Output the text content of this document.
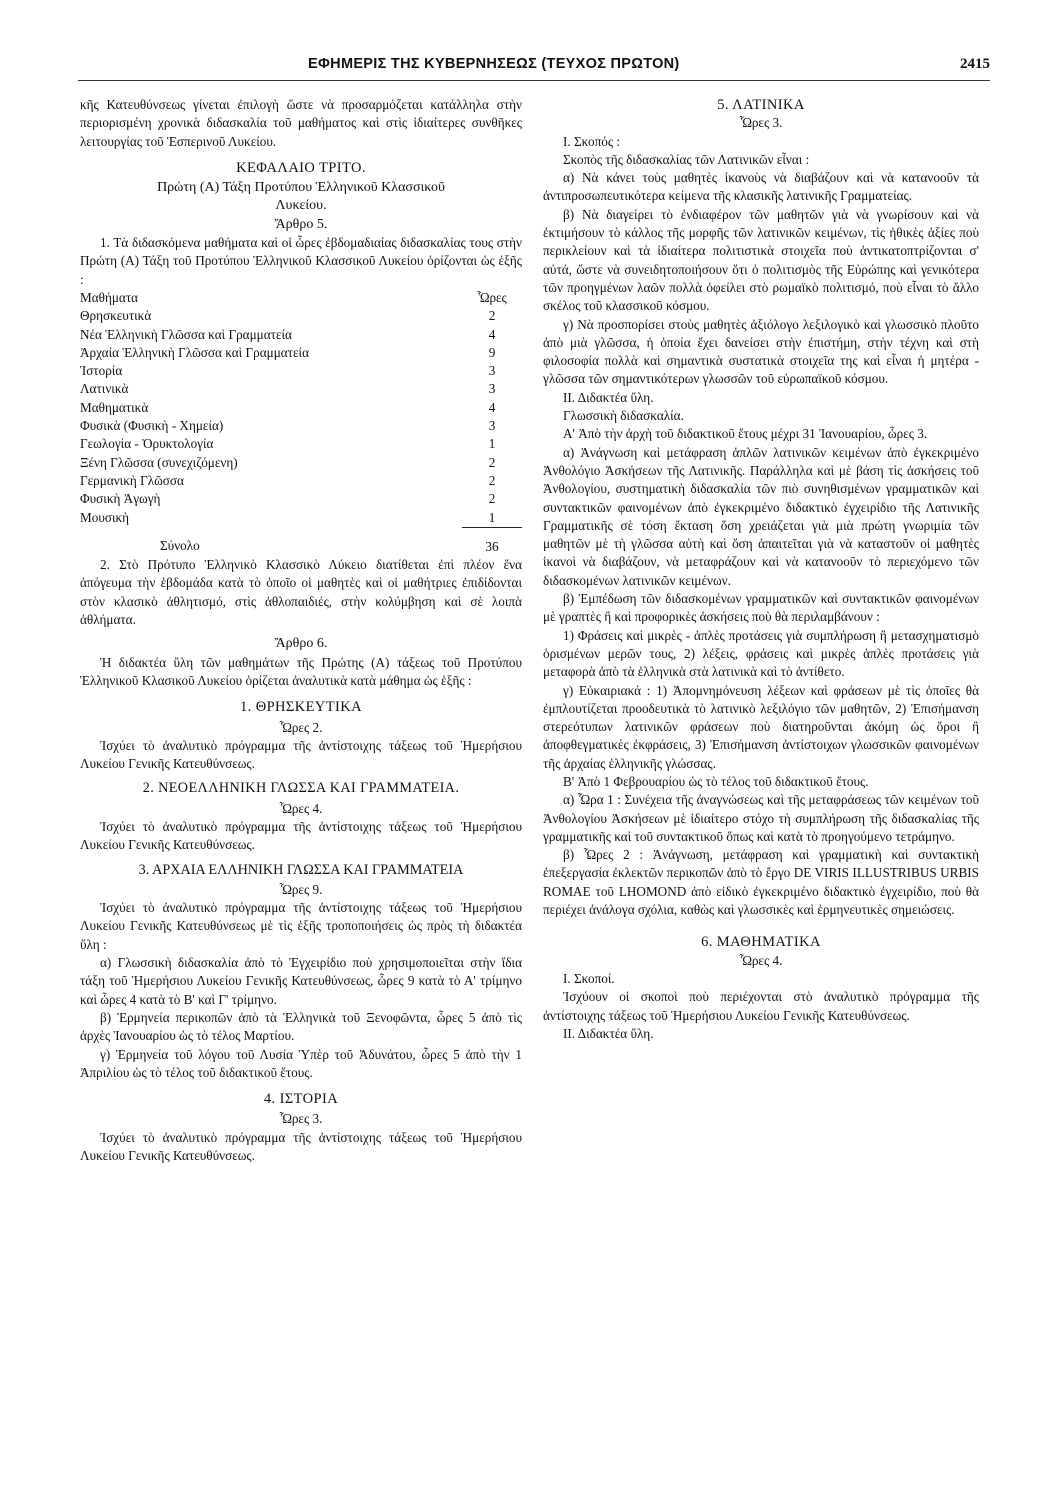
ΕΦΗΜΕΡΙΣ ΤΗΣ ΚΥΒΕΡΝΗΣΕΩΣ (ΤΕΥΧΟΣ ΠΡΩΤΟΝ)	2415

κῆς Κατευθύνσεως γίνεται ἐπιλογὴ ὥστε νὰ προσαρμόζεται κατάλληλα στὴν περιορισμένη χρονικὰ διδασκαλία τοῦ μαθήματος καὶ στὶς ἰδιαίτερες συνθῆκες λειτουργίας τοῦ Ἑσπερινοῦ Λυκείου.

ΚΕΦΑΛΑΙΟ ΤΡΙΤΟ.

Πρώτη (Α) Τάξη Προτύπου Ἑλληνικοῦ Κλασσικοῦ

Λυκείου.

Ἄρθρο 5.

1. Τὰ διδασκόμενα μαθήματα καὶ οἱ ὧρες ἑβδομαδιαίας διδασκαλίας τους στὴν Πρώτη (Α) Τάξη τοῦ Προτύπου Ἑλληνικοῦ Κλασσικοῦ Λυκείου ὁρίζονται ὡς ἑξῆς :

Μαθήματα	Ὧρες
Θρησκευτικὰ	2
Νέα Ἑλληνικὴ Γλῶσσα καὶ Γραμματεία	4
Ἀρχαία Ἑλληνικὴ Γλῶσσα καὶ Γραμματεία	9
Ἱστορία	3
Λατινικὰ	3
Μαθηματικὰ	4
Φυσικὰ (Φυσικὴ - Χημεία)	3
Γεωλογία - Ὀρυκτολογία	1
Ξένη Γλῶσσα (συνεχιζόμενη)	2
Γερμανικὴ Γλῶσσα	2
Φυσικὴ Ἀγωγὴ	2
Μουσικὴ	1
Σύνολο	36

2. Στὸ Πρότυπο Ἑλληνικὸ Κλασσικὸ Λύκειο διατίθεται ἐπὶ πλέον ἕνα ἀπόγευμα τὴν ἑβδομάδα κατὰ τὸ ὁποῖο οἱ μαθητὲς καὶ οἱ μαθήτριες ἐπιδίδονται στὸν κλασικὸ ἀθλητισμό, στὶς ἀθλοπαιδιές, στὴν κολύμβηση καὶ σὲ λοιπὰ ἀθλήματα.

Ἄρθρο 6.

Ἡ διδακτέα ὕλη τῶν μαθημάτων τῆς Πρώτης (Α) τάξεως τοῦ Προτύπου Ἑλληνικοῦ Κλασικοῦ Λυκείου ὁρίζεται ἀναλυτικὰ κατὰ μάθημα ὡς ἑξῆς :

1. ΘΡΗΣΚΕΥΤΙΚΑ

Ὧρες 2.

Ἰσχύει τὸ ἀναλυτικὸ πρόγραμμα τῆς ἀντίστοιχης τάξεως τοῦ Ἡμερήσιου Λυκείου Γενικῆς Κατευθύνσεως.

2. ΝΕΟΕΛΛΗΝΙΚΗ ΓΛΩΣΣΑ ΚΑΙ ΓΡΑΜΜΑΤΕΙΑ.

Ὧρες 4.

Ἰσχύει τὸ ἀναλυτικὸ πρόγραμμα τῆς ἀντίστοιχης τάξεως τοῦ Ἡμερήσιου Λυκείου Γενικῆς Κατευθύνσεως.

3. ΑΡΧΑΙΑ ΕΛΛΗΝΙΚΗ ΓΛΩΣΣΑ ΚΑΙ ΓΡΑΜΜΑΤΕΙΑ

Ὧρες 9.

Ἰσχύει τὸ ἀναλυτικὸ πρόγραμμα τῆς ἀντίστοιχης τάξεως τοῦ Ἡμερήσιου Λυκείου Γενικῆς Κατευθύνσεως μὲ τὶς ἑξῆς τροποποιήσεις ὡς πρὸς τὴ διδακτέα ὕλη :

α) Γλωσσικὴ διδασκαλία ἀπὸ τὸ Ἐγχειρίδιο ποὺ χρησιμοποιεῖται στὴν ἴδια τάξη τοῦ Ἡμερήσιου Λυκείου Γενικῆς Κατευθύνσεως, ὧρες 9 κατὰ τὸ Α' τρίμηνο καὶ ὧρες 4 κατὰ τὸ Β' καὶ Γ' τρίμηνο.

β) Ἑρμηνεία περικοπῶν ἀπὸ τὰ Ἑλληνικὰ τοῦ Ξενοφῶντα, ὧρες 5 ἀπὸ τὶς ἀρχὲς Ἰανουαρίου ὡς τὸ τέλος Μαρτίου.

γ) Ἑρμηνεία τοῦ λόγου τοῦ Λυσία Ὑπὲρ τοῦ Ἀδυνάτου, ὧρες 5 ἀπὸ τὴν 1 Ἀπριλίου ὡς τὸ τέλος τοῦ διδακτικοῦ ἔτους.

4. ΙΣΤΟΡΙΑ

Ὧρες 3.

Ἰσχύει τὸ ἀναλυτικὸ πρόγραμμα τῆς ἀντίστοιχης τάξεως τοῦ Ἡμερήσιου Λυκείου Γενικῆς Κατευθύνσεως.

5. ΛΑΤΙΝΙΚΑ

Ὧρες 3.

Ι. Σκοπός :

Σκοπὸς τῆς διδασκαλίας τῶν Λατινικῶν εἶναι :

α) Νὰ κάνει τοὺς μαθητὲς ἱκανοὺς νὰ διαβάζουν καὶ νὰ κατανοοῦν τὰ ἀντιπροσωπευτικότερα κείμενα τῆς κλασικῆς λατινικῆς Γραμματείας.

β) Νὰ διαγείρει τὸ ἐνδιαφέρον τῶν μαθητῶν γιὰ νὰ γνωρίσουν καὶ νὰ ἐκτιμήσουν τὸ κάλλος τῆς μορφῆς τῶν λατινικῶν κειμένων, τὶς ἠθικὲς ἀξίες ποὺ περικλείουν καὶ τὰ ἰδιαίτερα πολιτιστικὰ στοιχεῖα ποὺ ἀντικατοπτρίζονται σ' αὐτά, ὥστε νὰ συνειδητοποιήσουν ὅτι ὁ πολιτισμὸς τῆς Εὐρώπης καὶ γενικότερα τῶν προηγμένων λαῶν πολλὰ ὀφείλει στὸ ρωμαϊκὸ πολιτισμό, ποὺ εἶναι τὸ ἄλλο σκέλος τοῦ κλασσικοῦ κόσμου.

γ) Νὰ προσπορίσει στοὺς μαθητὲς ἀξιόλογο λεξιλογικὸ καὶ γλωσσικὸ πλοῦτο ἀπὸ μιὰ γλῶσσα, ἡ ὁποία ἔχει δανείσει στὴν ἐπιστήμη, στὴν τέχνη καὶ στὴ φιλοσοφία πολλὰ καὶ σημαντικὰ συστατικὰ στοιχεῖα της καὶ εἶναι ἡ μητέρα - γλῶσσα τῶν σημαντικότερων γλωσσῶν τοῦ εὐρωπαϊκοῦ κόσμου.

ΙΙ. Διδακτέα ὕλη.

Γλωσσικὴ διδασκαλία.

Α' Ἀπὸ τὴν ἀρχὴ τοῦ διδακτικοῦ ἔτους μέχρι 31 Ἰανουαρίου, ὧρες 3.

α) Ἀνάγνωση καὶ μετάφραση ἁπλῶν λατινικῶν κειμένων ἀπὸ ἐγκεκριμένο Ἀνθολόγιο Ἀσκήσεων τῆς Λατινικῆς. Παράλληλα καὶ μὲ βάση τὶς ἀσκήσεις τοῦ Ἀνθολογίου, συστηματικὴ διδασκαλία τῶν πιὸ συνηθισμένων γραμματικῶν καὶ συντακτικῶν φαινομένων ἀπὸ ἐγκεκριμένο διδακτικὸ ἐγχειρίδιο τῆς Λατινικῆς Γραμματικῆς σὲ τόση ἔκταση ὅση χρειάζεται γιὰ μιὰ πρώτη γνωριμία τῶν μαθητῶν μὲ τὴ γλῶσσα αὐτὴ καὶ ὅση ἀπαιτεῖται γιὰ νὰ καταστοῦν οἱ μαθητὲς ἱκανοὶ νὰ διαβάζουν, νὰ μεταφράζουν καὶ νὰ κατανοοῦν τὸ περιεχόμενο τῶν διδασκομένων λατινικῶν κειμένων.

β) Ἐμπέδωση τῶν διδασκομένων γραμματικῶν καὶ συντακτικῶν φαινομένων μὲ γραπτὲς ἢ καὶ προφορικὲς ἀσκήσεις ποὺ θὰ περιλαμβάνουν :

1) Φράσεις καὶ μικρὲς - ἁπλὲς προτάσεις γιὰ συμπλήρωση ἢ μετασχηματισμὸ ὁρισμένων μερῶν τους, 2) λέξεις, φράσεις καὶ μικρὲς ἁπλὲς προτάσεις γιὰ μεταφορὰ ἀπὸ τὰ ἑλληνικὰ στὰ λατινικὰ καὶ τὸ ἀντίθετο.

γ) Εὐκαιριακά : 1) Ἀπομνημόνευση λέξεων καὶ φράσεων μὲ τὶς ὁποῖες θὰ ἐμπλουτίζεται προοδευτικὰ τὸ λατινικὸ λεξιλόγιο τῶν μαθητῶν, 2) Ἐπισήμανση στερεότυπων λατινικῶν φράσεων ποὺ διατηροῦνται ἀκόμη ὡς ὅροι ἢ ἀποφθεγματικὲς ἐκφράσεις, 3) Ἐπισήμανση ἀντίστοιχων γλωσσικῶν φαινομένων τῆς ἀρχαίας ἑλληνικῆς γλώσσας.

Β' Ἀπὸ 1 Φεβρουαρίου ὡς τὸ τέλος τοῦ διδακτικοῦ ἔτους.

α) Ὧρα 1 : Συνέχεια τῆς ἀναγνώσεως καὶ τῆς μεταφράσεως τῶν κειμένων τοῦ Ἀνθολογίου Ἀσκήσεων μὲ ἰδιαίτερο στόχο τὴ συμπλήρωση τῆς διδασκαλίας τῆς γραμματικῆς καὶ τοῦ συντακτικοῦ ὅπως καὶ κατὰ τὸ προηγούμενο τετράμηνο.

β) Ὧρες 2 : Ἀνάγνωση, μετάφραση καὶ γραμματικὴ καὶ συντακτικὴ ἐπεξεργασία ἐκλεκτῶν περικοπῶν ἀπὸ τὸ ἔργο DE VIRIS ILLUSTRIBUS URBIS ROMAE τοῦ LHOMOND ἀπὸ εἰδικὸ ἐγκεκριμένο διδακτικὸ ἐγχειρίδιο, ποὺ θὰ περιέχει ἀνάλογα σχόλια, καθὼς καὶ γλωσσικὲς καὶ ἑρμηνευτικὲς σημειώσεις.

6. ΜΑΘΗΜΑΤΙΚΑ

Ὧρες 4.

Ι. Σκοποί.

Ἰσχύουν οἱ σκοποὶ ποὺ περιέχονται στὸ ἀναλυτικὸ πρόγραμμα τῆς ἀντίστοιχης τάξεως τοῦ Ἡμερήσιου Λυκείου Γενικῆς Κατευθύνσεως.

ΙΙ. Διδακτέα ὕλη.
